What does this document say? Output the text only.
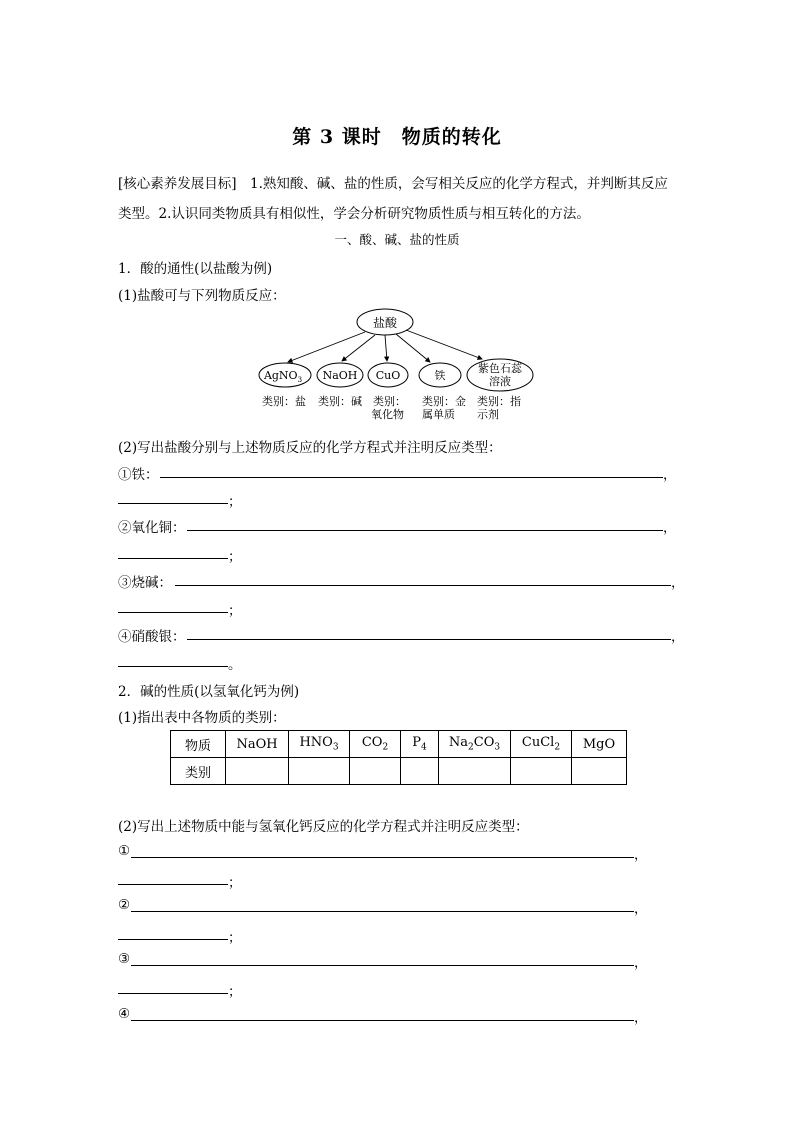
第 3 课时　物质的转化
[核心素养发展目标]　1.熟知酸、碱、盐的性质，会写相关反应的化学方程式，并判断其反应
类型。2.认识同类物质具有相似性，学会分析研究物质性质与相互转化的方法。
一、酸、碱、盐的性质
1．酸的通性(以盐酸为例)
(1)盐酸可与下列物质反应：
盐酸
AgNO$_3$ NaOH CuO	铁
紫色石蕊
溶液
类别：盐 类别：碱 类别：
氧化物
类别：金
属单质
类别：指
示剂
(2)写出盐酸分别与上述物质反应的化学方程式并注明反应类型：
①铁：	，
；
②氧化铜：	，
；
③烧碱：	，
；
④硝酸银：	，
。
2．碱的性质(以氢氧化钙为例)
(1)指出表中各物质的类别：
物质	NaOH	$HNO_3$	$CO_2$	$P_4$	$Na_2CO_3$	CuCl$_2$	MgO
类别							
(2)写出上述物质中能与氢氧化钙反应的化学方程式并注明反应类型：
①	，
；
②	，
；
③	，
；
④	，
